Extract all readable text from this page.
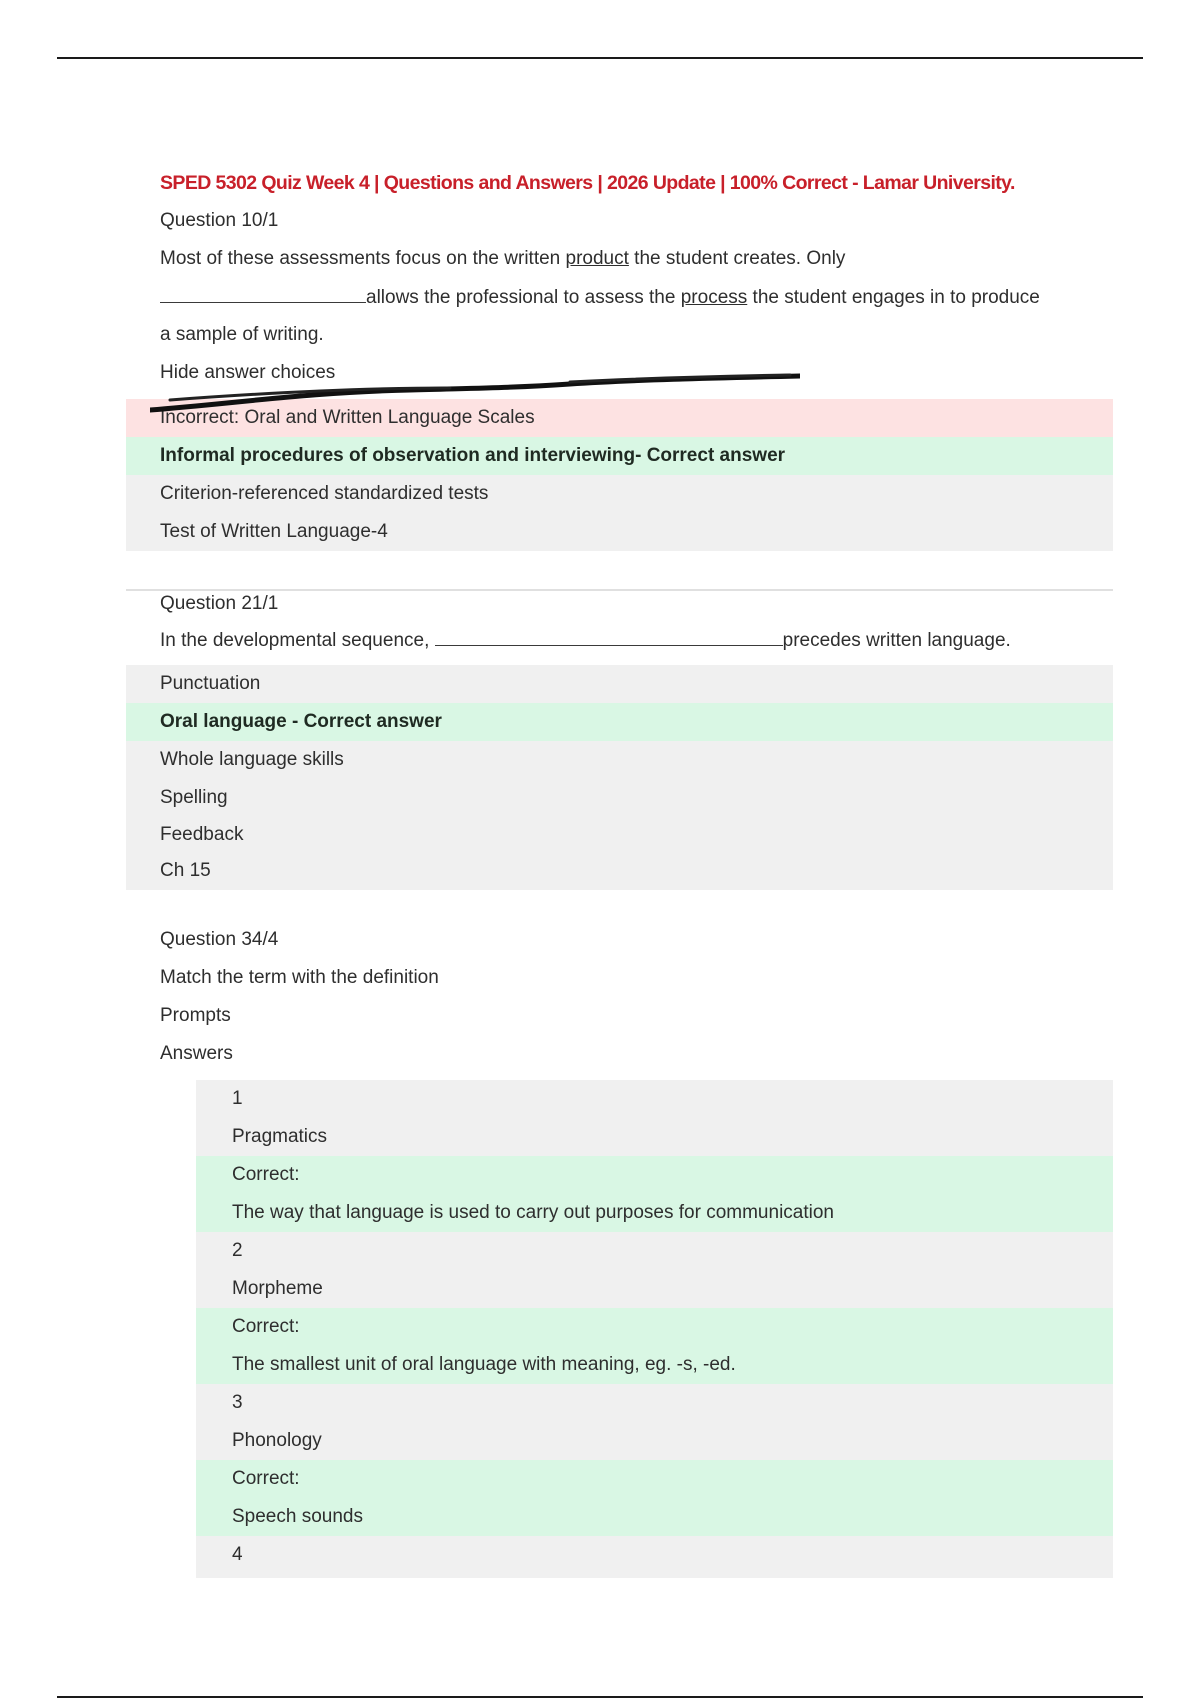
SPED 5302 Quiz Week 4 | Questions and Answers | 2026 Update | 100% Correct - Lamar University.
Question 10/1
Most of these assessments focus on the written product the student creates. Only
allows the professional to assess the process the student engages in to produce
a sample of writing.
Hide answer choices
Incorrect: Oral and Written Language Scales
Informal procedures of observation and interviewing- Correct answer
Criterion-referenced standardized tests
Test of Written Language-4
Question 21/1
In the developmental sequence,	precedes written language.
Punctuation
Oral language - Correct answer
Whole language skills
Spelling
Feedback
Ch 15
Question 34/4
Match the term with the definition
Prompts
Answers
1
Pragmatics
Correct:
The way that language is used to carry out purposes for communication
2
Morpheme
Correct:
The smallest unit of oral language with meaning, eg. -s, -ed.
3
Phonology
Correct:
Speech sounds
4
